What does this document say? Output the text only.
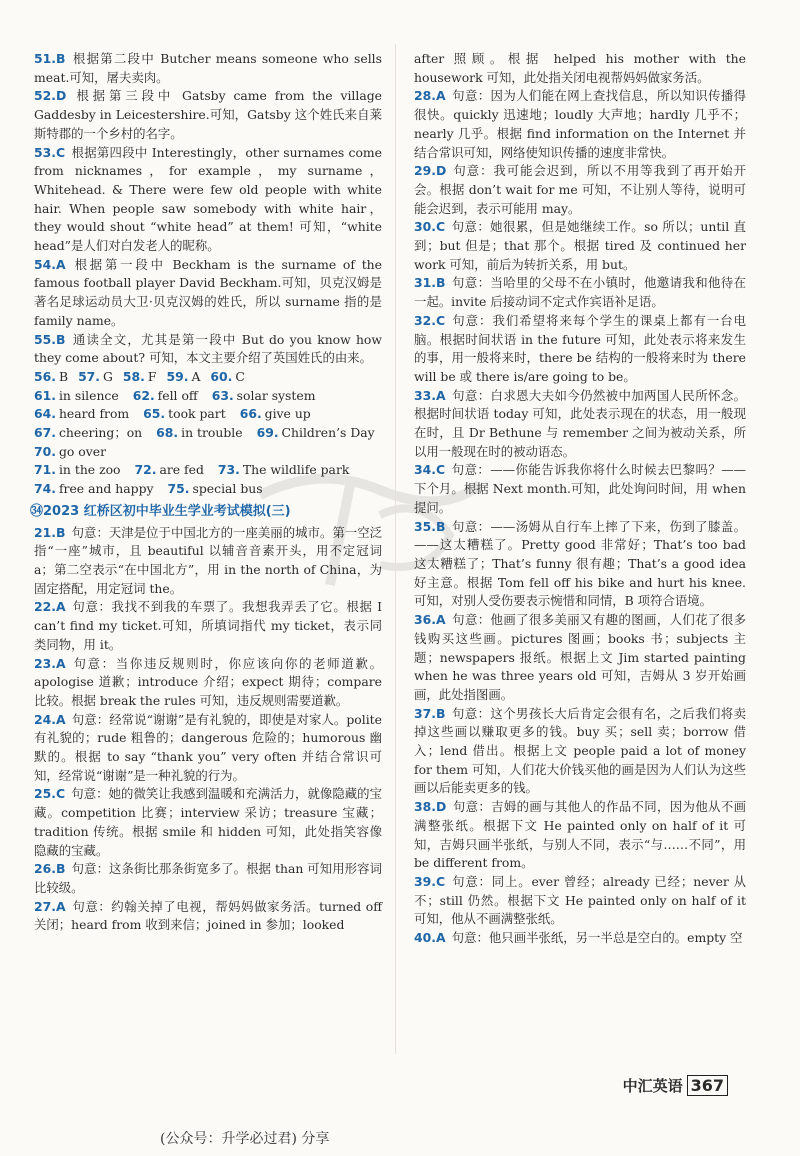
51.B  根据第二段中 Butcher means someone who sells meat.可知，屠夫卖肉。

52.D  根据第三段中 Gatsby came from the village Gaddesby in Leicestershire.可知，Gatsby 这个姓氏来自莱斯特郡的一个乡村的名字。

53.C  根据第四段中 Interestingly，other surnames come from nicknames，for example，my surname，Whitehead. & There were few old people with white hair. When people saw somebody with white hair，they would shout “white head” at them! 可知，“white head”是人们对白发老人的昵称。

54.A  根据第一段中 Beckham is the surname of the famous football player David Beckham.可知，贝克汉姆是著名足球运动员大卫·贝克汉姆的姓氏，所以 surname 指的是 family name。

55.B  通读全文，尤其是第一段中 But do you know how they come about? 可知，本文主要介绍了英国姓氏的由来。

56. B 57. G 58. F 59. A 60. C
61. in silence 62. fell off 63. solar system
64. heard from 65. took part 66. give up
67. cheering；on 68. in trouble 69. Children’s Day
70. go over
71. in the zoo 72. are fed 73. The wildlife park
74. free and happy 75. special bus
㉞2023 红桥区初中毕业生学业考试模拟(三)

21.B  句意：天津是位于中国北方的一座美丽的城市。第一空泛指“一座”城市，且 beautiful 以辅音音素开头，用不定冠词 a；第二空表示“在中国北方”，用 in the north of China，为固定搭配，用定冠词 the。

22.A  句意：我找不到我的车票了。我想我弄丢了它。根据 I can’t find my ticket.可知，所填词指代 my ticket，表示同类同物，用 it。

23.A  句意：当你违反规则时，你应该向你的老师道歉。apologise 道歉；introduce 介绍；expect 期待；compare 比较。根据 break the rules 可知，违反规则需要道歉。

24.A  句意：经常说“谢谢”是有礼貌的，即使是对家人。polite 有礼貌的；rude 粗鲁的；dangerous 危险的；humorous 幽默的。根据 to say “thank you” very often 并结合常识可知，经常说“谢谢”是一种礼貌的行为。

25.C  句意：她的微笑让我感到温暖和充满活力，就像隐藏的宝藏。competition 比赛；interview 采访；treasure 宝藏；tradition 传统。根据 smile 和 hidden 可知，此处指笑容像隐藏的宝藏。

26.B  句意：这条街比那条街宽多了。根据 than 可知用形容词比较级。

27.A  句意：约翰关掉了电视，帮妈妈做家务活。turned off 关闭；heard from 收到来信；joined in 参加；looked

after 照顾。根据 helped his mother with the housework 可知，此处指关闭电视帮妈妈做家务活。

28.A  句意：因为人们能在网上查找信息，所以知识传播得很快。quickly 迅速地；loudly 大声地；hardly 几乎不；nearly 几乎。根据 find information on the Internet 并结合常识可知，网络使知识传播的速度非常快。

29.D  句意：我可能会迟到，所以不用等我到了再开始开会。根据 don’t wait for me 可知，不让别人等待，说明可能会迟到，表示可能用 may。

30.C  句意：她很累，但是她继续工作。so 所以；until 直到；but 但是；that 那个。根据 tired 及 continued her work 可知，前后为转折关系，用 but。

31.B  句意：当哈里的父母不在小镇时，他邀请我和他待在一起。invite 后接动词不定式作宾语补足语。

32.C  句意：我们希望将来每个学生的课桌上都有一台电脑。根据时间状语 in the future 可知，此处表示将来发生的事，用一般将来时，there be 结构的一般将来时为 there will be 或 there is/are going to be。

33.A  句意：白求恩大夫如今仍然被中加两国人民所怀念。根据时间状语 today 可知，此处表示现在的状态，用一般现在时，且 Dr Bethune 与 remember 之间为被动关系，所以用一般现在时的被动语态。

34.C  句意：——你能告诉我你将什么时候去巴黎吗？——下个月。根据 Next month.可知，此处询问时间，用 when 提问。

35.B  句意：——汤姆从自行车上摔了下来，伤到了膝盖。——这太糟糕了。Pretty good 非常好；That’s too bad 这太糟糕了；That’s funny 很有趣；That’s a good idea 好主意。根据 Tom fell off his bike and hurt his knee.可知，对别人受伤要表示惋惜和同情，B 项符合语境。

36.A  句意：他画了很多美丽又有趣的图画，人们花了很多钱购买这些画。pictures 图画；books 书；subjects 主题；newspapers 报纸。根据上文 Jim started painting when he was three years old 可知，吉姆从 3 岁开始画画，此处指图画。

37.B  句意：这个男孩长大后肯定会很有名，之后我们将卖掉这些画以赚取更多的钱。buy 买；sell 卖；borrow 借入；lend 借出。根据上文 people paid a lot of money for them 可知，人们花大价钱买他的画是因为人们认为这些画以后能卖更多的钱。

38.D  句意：吉姆的画与其他人的作品不同，因为他从不画满整张纸。根据下文 He painted only on half of it 可知，吉姆只画半张纸，与别人不同，表示“与……不同”，用 be different from。

39.C  句意：同上。ever 曾经；already 已经；never 从不；still 仍然。根据下文 He painted only on half of it 可知，他从不画满整张纸。

40.A  句意：他只画半张纸，另一半总是空白的。empty 空

中汇英语 367
(公众号：升学必过君) 分享
